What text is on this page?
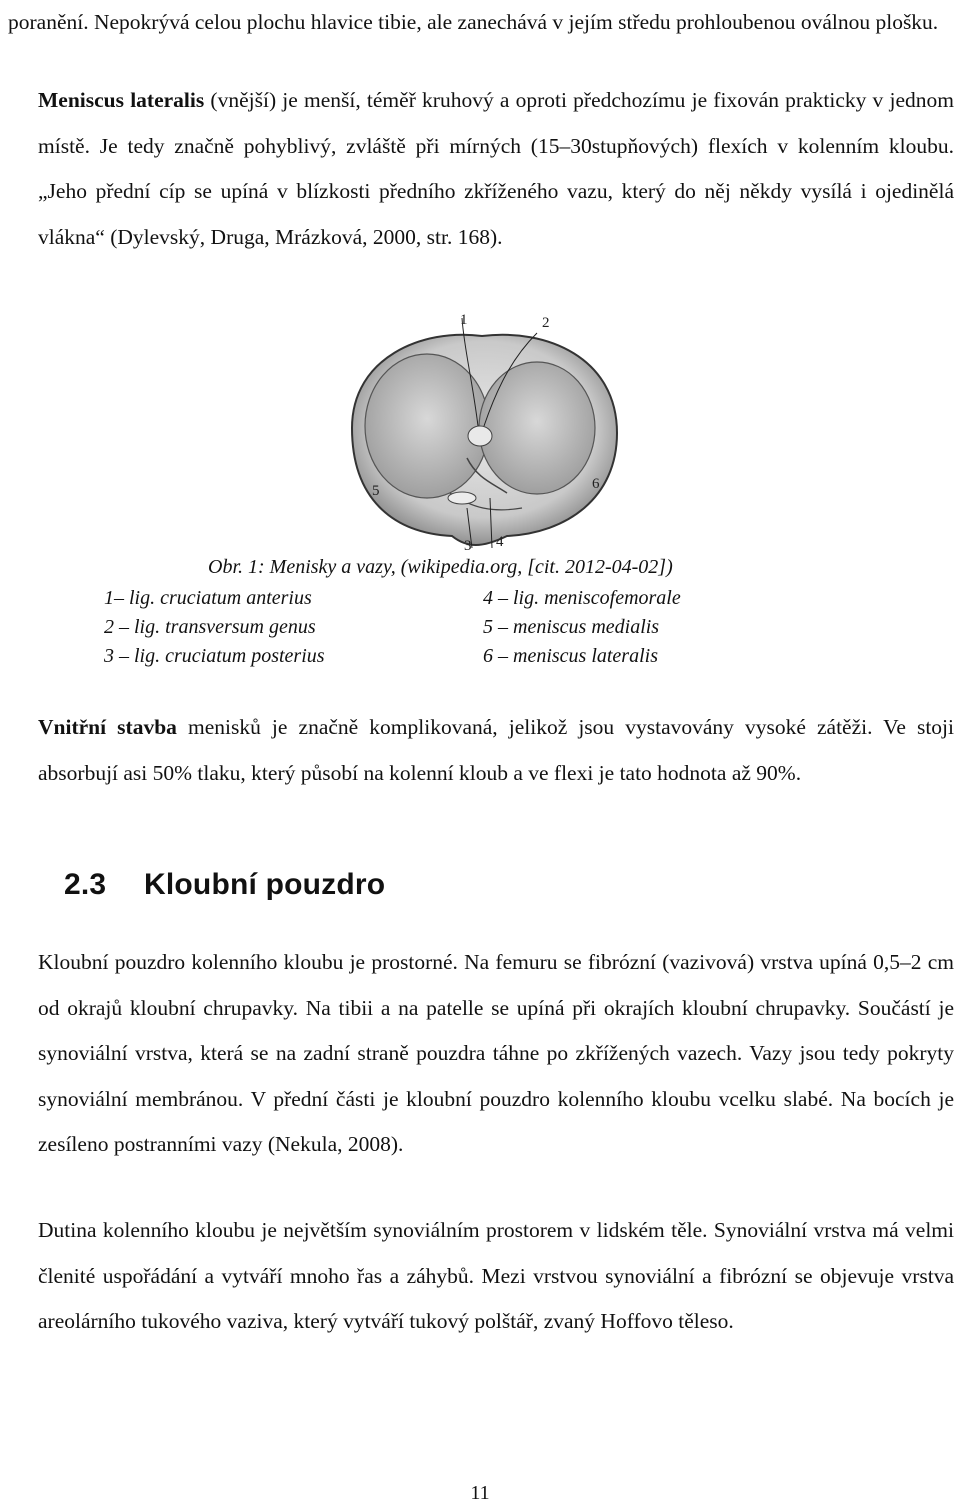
poranění. Nepokrývá celou plochu hlavice tibie, ale zanechává v jejím středu prohloubenou oválnou plošku.

Meniscus lateralis (vnější) je menší, téměř kruhový a oproti předchozímu je fixován prakticky v jednom místě. Je tedy značně pohyblivý, zvláště při mírných (15–30stupňových) flexích v kolenním kloubu. „Jeho přední cíp se upíná v blízkosti předního zkříženého vazu, který do něj někdy vysílá i ojedinělá vlákna“ (Dylevský, Druga, Mrázková, 2000, str. 168).

1	2
3 4
5	6
Obr. 1: Menisky a vazy, (wikipedia.org, [cit. 2012-04-02])
1– lig. cruciatum anterius	4 – lig. meniscofemorale
2 – lig. transversum genus	5 – meniscus medialis
3 – lig. cruciatum posterius	6 – meniscus lateralis

Vnitřní stavba menisků je značně komplikovaná, jelikož jsou vystavovány vysoké zátěži. Ve stoji absorbují asi 50% tlaku, který působí na kolenní kloub a ve flexi je tato hodnota až 90%.

2.3 Kloubní pouzdro

Kloubní pouzdro kolenního kloubu je prostorné. Na femuru se fibrózní (vazivová) vrstva upíná 0,5–2 cm od okrajů kloubní chrupavky. Na tibii a na patelle se upíná při okrajích kloubní chrupavky. Součástí je synoviální vrstva, která se na zadní straně pouzdra táhne po zkřížených vazech. Vazy jsou tedy pokryty synoviální membránou. V přední části je kloubní pouzdro kolenního kloubu vcelku slabé. Na bocích je zesíleno postranními vazy (Nekula, 2008).

Dutina kolenního kloubu je největším synoviálním prostorem v lidském těle. Synoviální vrstva má velmi členité uspořádání a vytváří mnoho řas a záhybů. Mezi vrstvou synoviální a fibrózní se objevuje vrstva areolárního tukového vaziva, který vytváří tukový polštář, zvaný Hoffovo těleso.

11
